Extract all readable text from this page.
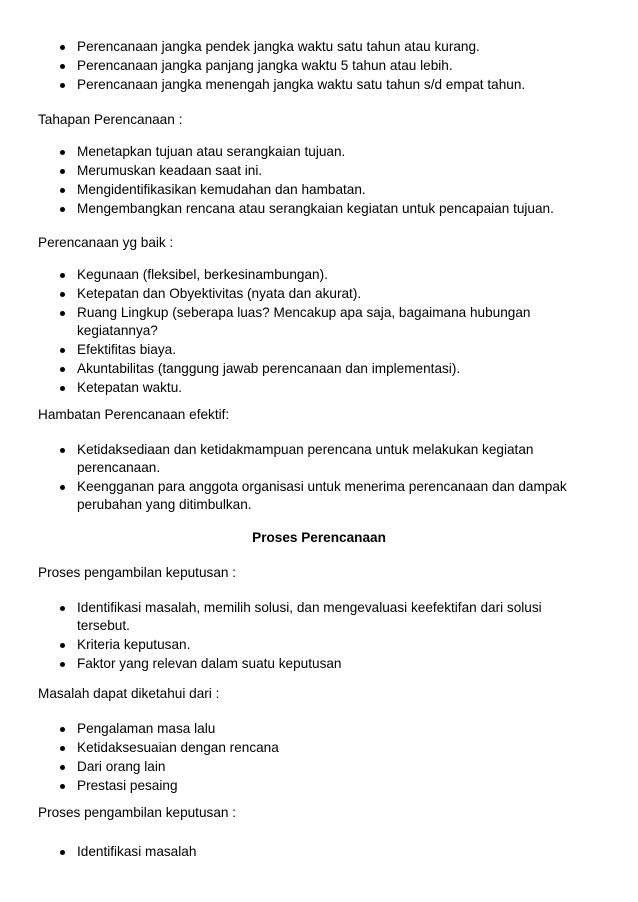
Perencanaan jangka pendek jangka waktu satu tahun atau kurang.
Perencanaan jangka panjang jangka waktu 5 tahun atau lebih.
Perencanaan jangka menengah jangka waktu satu tahun s/d empat tahun.
Tahapan Perencanaan :
Menetapkan tujuan atau serangkaian tujuan.
Merumuskan keadaan saat ini.
Mengidentifikasikan kemudahan dan hambatan.
Mengembangkan rencana atau serangkaian kegiatan untuk pencapaian tujuan.
Perencanaan yg baik :
Kegunaan (fleksibel, berkesinambungan).
Ketepatan dan Obyektivitas (nyata dan akurat).
Ruang Lingkup (seberapa luas? Mencakup apa saja, bagaimana hubungan
kegiatannya?
Efektifitas biaya.
Akuntabilitas (tanggung jawab perencanaan dan implementasi).
Ketepatan waktu.
Hambatan Perencanaan efektif:
Ketidaksediaan dan ketidakmampuan perencana untuk melakukan kegiatan
perencanaan.
Keengganan para anggota organisasi untuk menerima perencanaan dan dampak
perubahan yang ditimbulkan.
Proses Perencanaan
Proses pengambilan keputusan :
Identifikasi masalah, memilih solusi, dan mengevaluasi keefektifan dari solusi
tersebut.
Kriteria keputusan.
Faktor yang relevan dalam suatu keputusan
Masalah dapat diketahui dari :
Pengalaman masa lalu
Ketidaksesuaian dengan rencana
Dari orang lain
Prestasi pesaing
Proses pengambilan keputusan :
Identifikasi masalah
